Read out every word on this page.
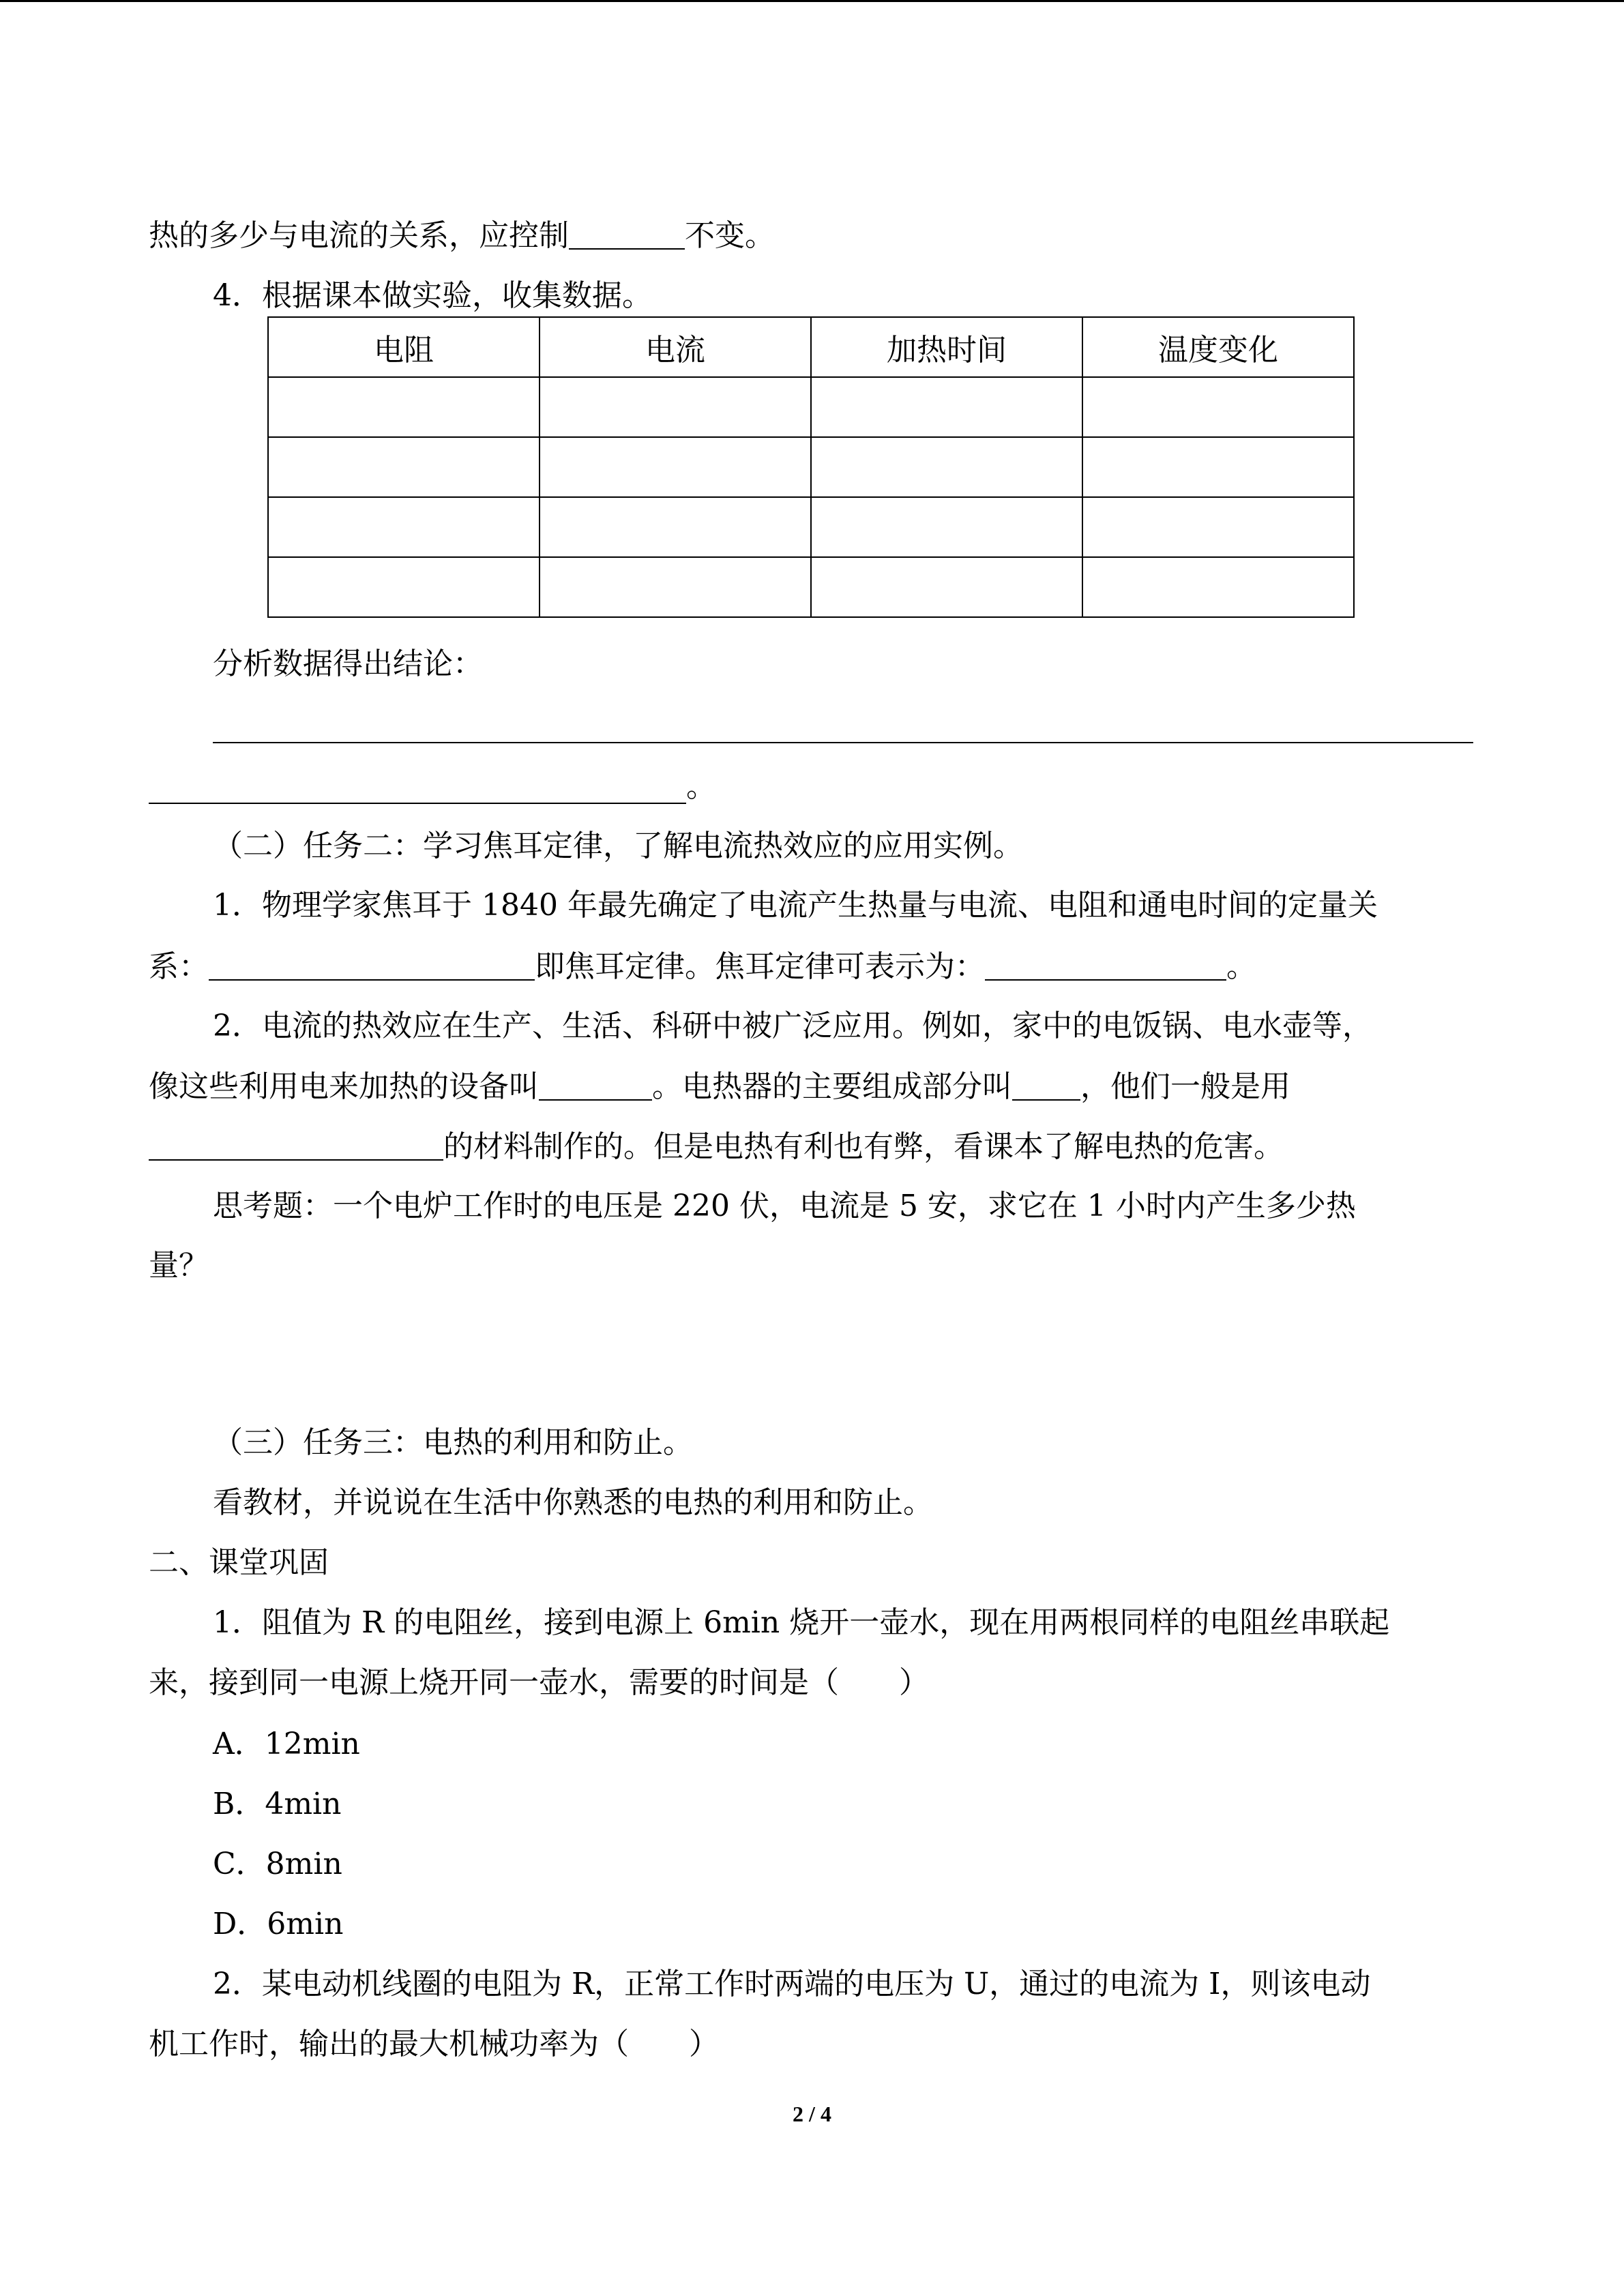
热的多少与电流的关系，应控制	不变。
4．根据课本做实验，收集数据。
电阻	电流	加热时间	温度变化

分析数据得出结论：
。
（二）任务二：学习焦耳定律，了解电流热效应的应用实例。
1．物理学家焦耳于 1840 年最先确定了电流产生热量与电流、电阻和通电时间的定量关
系：	即焦耳定律。焦耳定律可表示为：	。
2．电流的热效应在生产、生活、科研中被广泛应用。例如，家中的电饭锅、电水壶等，
像这些利用电来加热的设备叫	。电热器的主要组成部分叫 ，他们一般是用
的材料制作的。但是电热有利也有弊，看课本了解电热的危害。
思考题：一个电炉工作时的电压是 220 伏，电流是 5 安，求它在 1 小时内产生多少热
量？
（三）任务三：电热的利用和防止。
看教材，并说说在生活中你熟悉的电热的利用和防止。
二、课堂巩固
1．阻值为 R 的电阻丝，接到电源上 6min 烧开一壶水，现在用两根同样的电阻丝串联起
来，接到同一电源上烧开同一壶水，需要的时间是（　　）
A．12min
B．4min
C．8min
D．6min
2．某电动机线圈的电阻为 R，正常工作时两端的电压为 U，通过的电流为 I，则该电动
机工作时，输出的最大机械功率为（　　）
2 / 4
